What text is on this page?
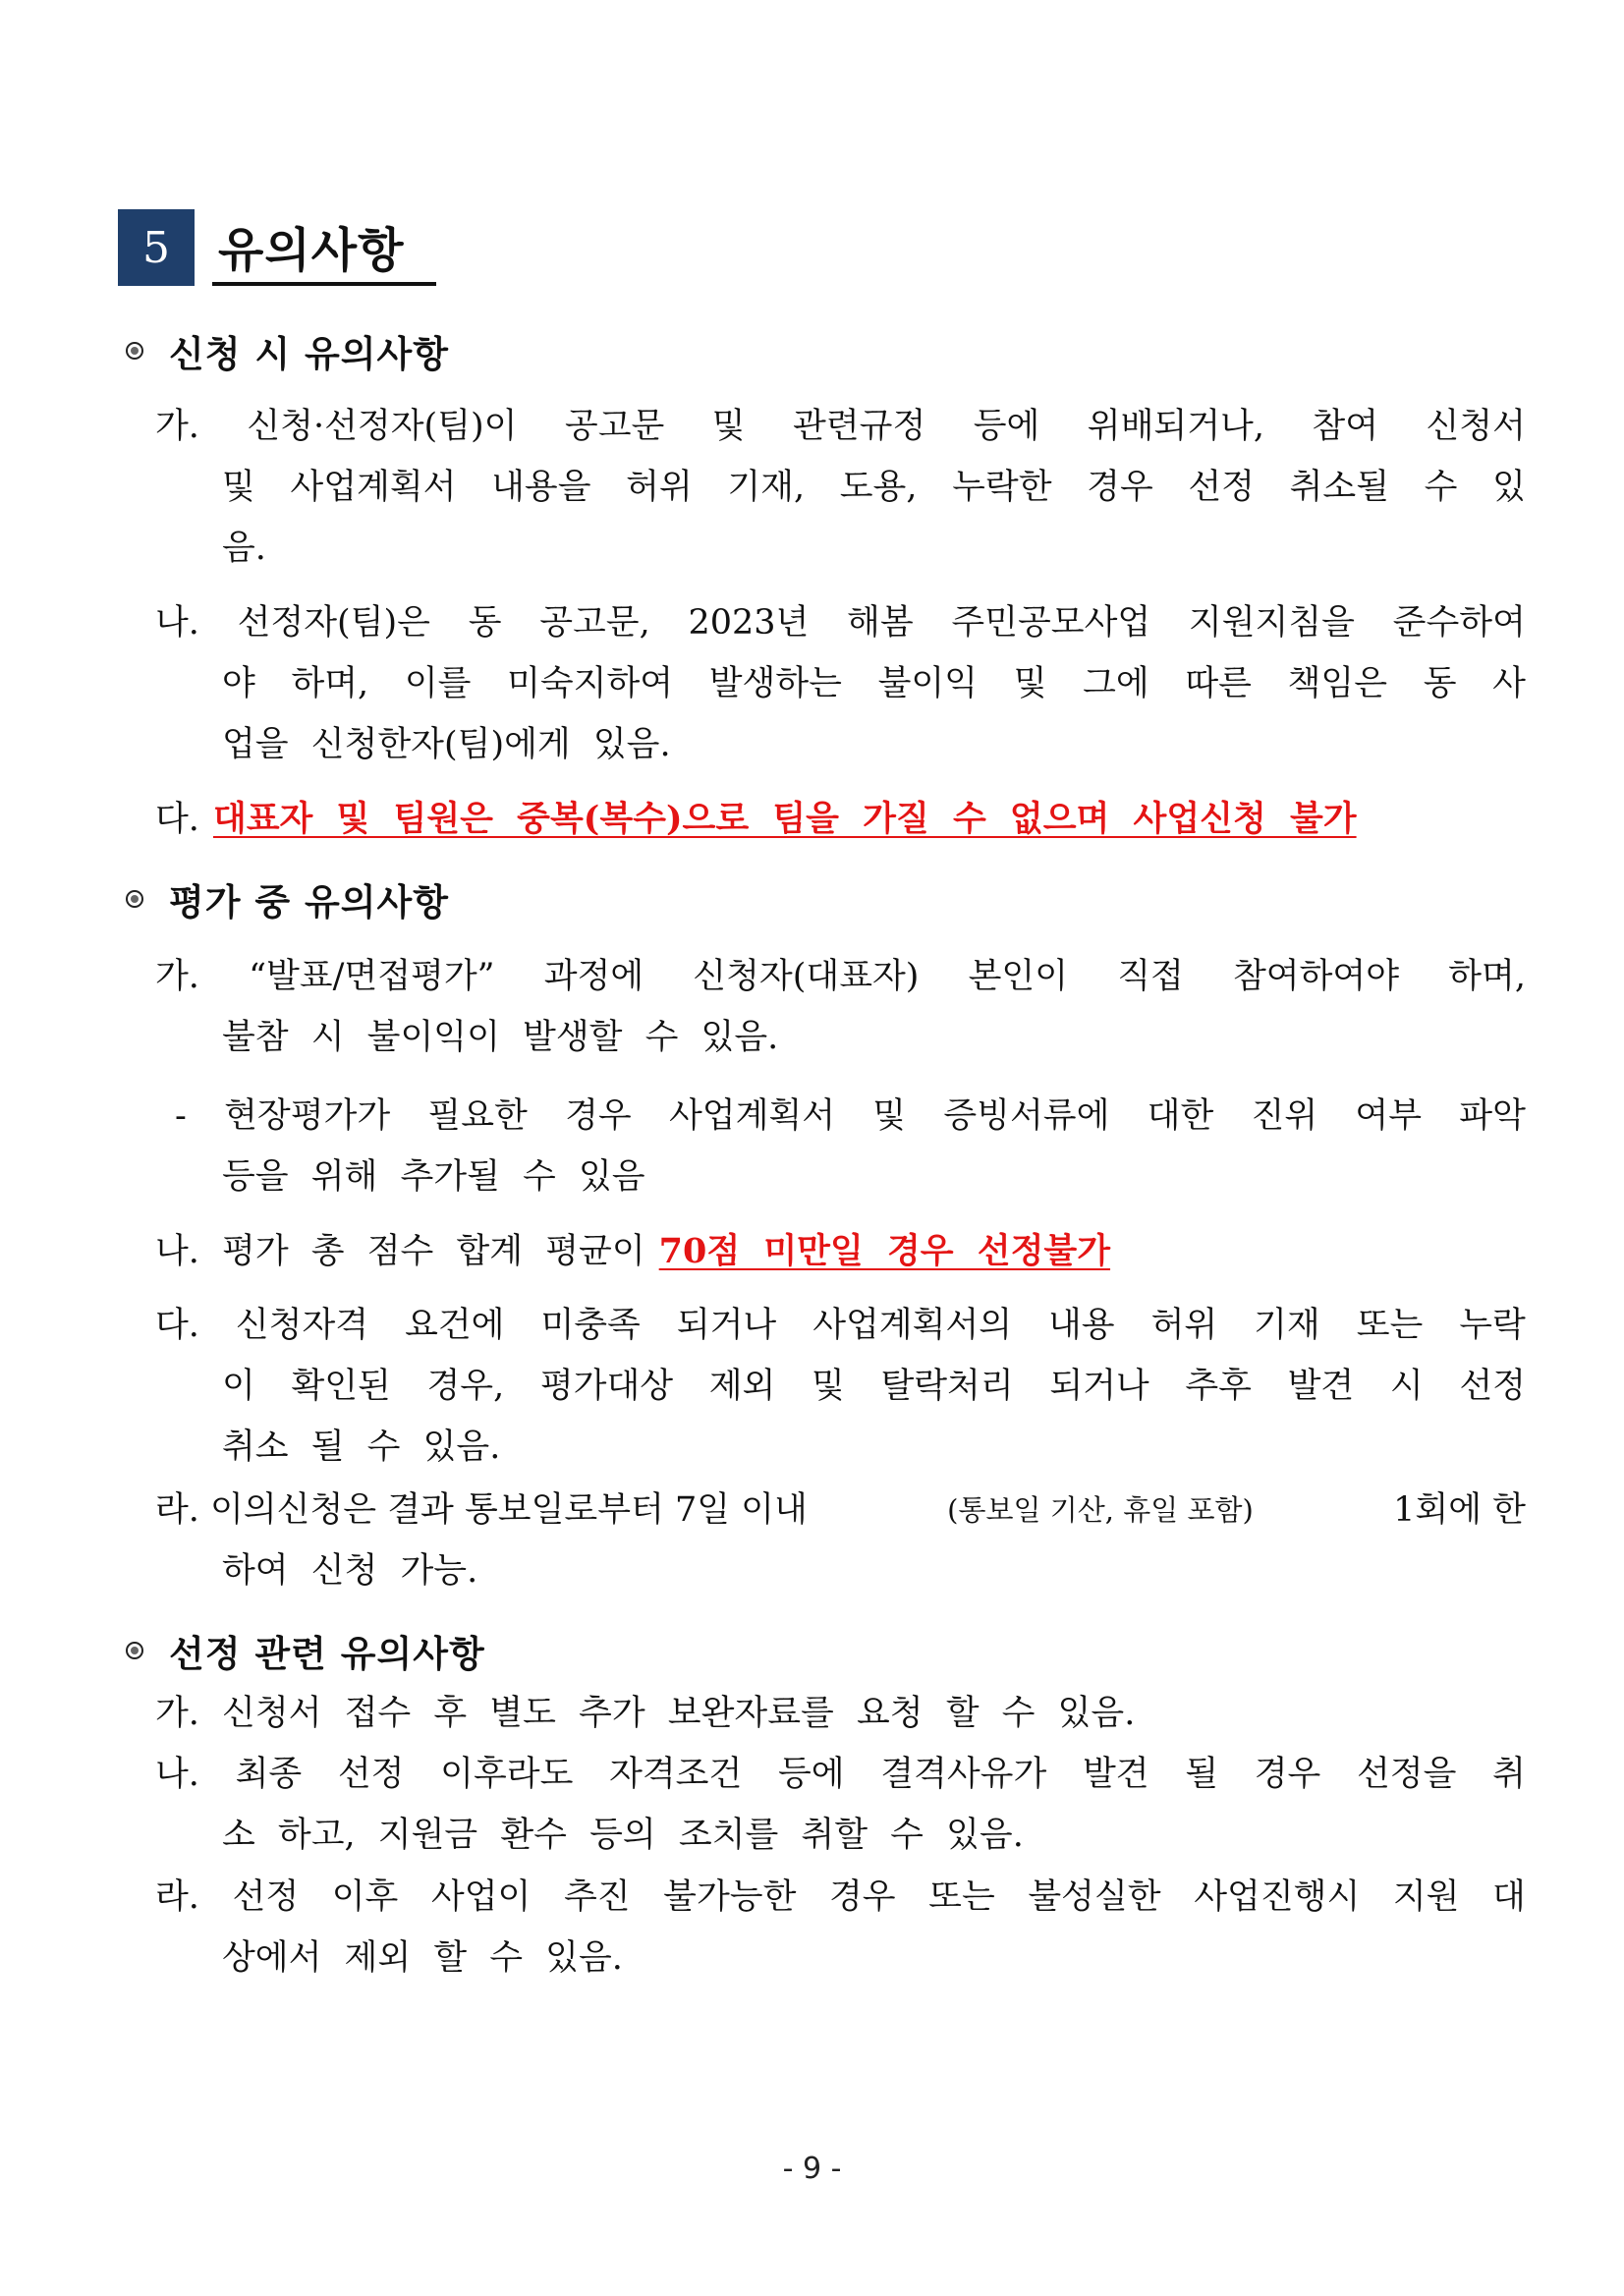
5	유의사항
신청 시 유의사항
가. 신청·선정자(팀)이 공고문 및 관련규정 등에 위배되거나, 참여 신청서
및 사업계획서 내용을 허위 기재, 도용, 누락한 경우 선정 취소될 수 있
음.
나. 선정자(팀)은 동 공고문, 2023년 해봄 주민공모사업 지원지침을 준수하여
야 하며, 이를 미숙지하여 발생하는 불이익 및 그에 따른 책임은 동 사
업을 신청한자(팀)에게 있음.
다. 대표자 및 팀원은 중복(복수)으로 팀을 가질 수 없으며 사업신청 불가
평가 중 유의사항
가. “발표/면접평가” 과정에 신청자(대표자) 본인이 직접 참여하여야 하며,
불참 시 불이익이 발생할 수 있음.
- 현장평가가 필요한 경우 사업계획서 및 증빙서류에 대한 진위 여부 파악
등을 위해 추가될 수 있음
나. 평가 총 점수 합계 평균이 70점 미만일 경우 선정불가
다. 신청자격 요건에 미충족 되거나 사업계획서의 내용 허위 기재 또는 누락
이 확인된 경우, 평가대상 제외 및 탈락처리 되거나 추후 발견 시 선정
취소 될 수 있음.
라. 이의신청은 결과 통보일로부터 7일 이내	(통보일 기산, 휴일 포함)	1회에 한
하여 신청 가능.
선정 관련 유의사항
가. 신청서 접수 후 별도 추가 보완자료를 요청 할 수 있음.
나. 최종 선정 이후라도 자격조건 등에 결격사유가 발견 될 경우 선정을 취
소 하고, 지원금 환수 등의 조치를 취할 수 있음.
라. 선정 이후 사업이 추진 불가능한 경우 또는 불성실한 사업진행시 지원 대
상에서 제외 할 수 있음.
- 9 -
